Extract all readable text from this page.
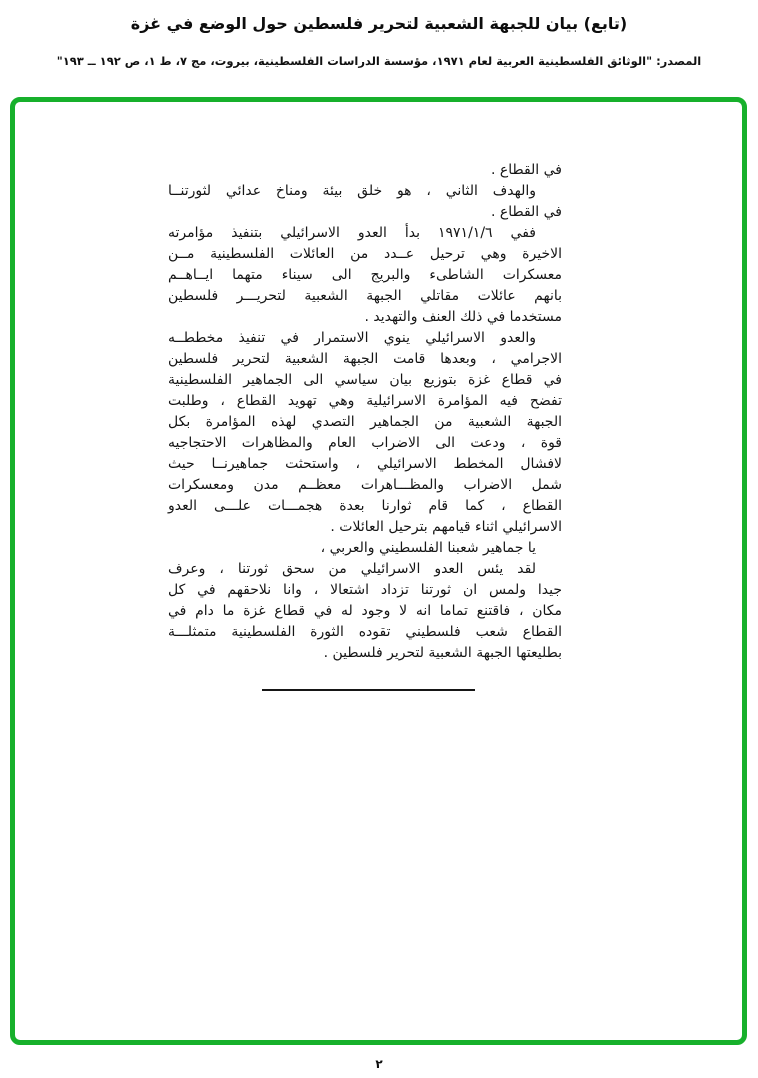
(تابع) بيان للجبهة الشعبية لتحرير فلسطين حول الوضع في غزة
المصدر: "الوثائق الفلسطينية العربية لعام ١٩٧١، مؤسسة الدراسات الفلسطينية، بيروت، مج ٧، ط ١، ص ١٩٢ ــ ١٩٣"
في القطاع .
والهدف الثاني ، هو خلق بيئة ومناخ عدائي لثورتنــا
في القطاع .
ففي ١٩٧١/١/٦ بدأ العدو الاسرائيلي بتنفيذ مؤامرته
الاخيرة وهي ترحيل عــدد من العائلات الفلسطينية مــن
معسكرات الشاطىء والبريج الى سيناء متهما ايــاهــم
بانهم عائلات مقاتلي الجبهة الشعبية لتحريـــر فلسطين
مستخدما في ذلك العنف والتهديد .
والعدو الاسرائيلي ينوي الاستمرار في تنفيذ مخططــه
الاجرامي ، وبعدها قامت الجبهة الشعبية لتحرير فلسطين
في قطاع غزة بتوزيع بيان سياسي الى الجماهير الفلسطينية
تفضح فيه المؤامرة الاسرائيلية وهي تهويد القطاع ، وطلبت
الجبهة الشعبية من الجماهير التصدي لهذه المؤامرة بكل
قوة ، ودعت الى الاضراب العام والمظاهرات الاحتجاجيه
لافشال المخطط الاسرائيلي ، واستحثت جماهيرنــا حيث
شمل الاضراب والمظـــاهرات معظــم مدن ومعسكرات
القطاع ، كما قام ثوارنا بعدة هجمـــات علـــى العدو
الاسرائيلي اثناء قيامهم بترحيل العائلات .
يا جماهير شعبنا الفلسطيني والعربي ،
لقد يئس العدو الاسرائيلي من سحق ثورتنا ، وعرف
جيدا ولمس ان ثورتنا تزداد اشتعالا ، وانا نلاحقهم في كل
مكان ، فاقتنع تماما انه لا وجود له في قطاع غزة ما دام في
القطاع شعب فلسطيني تقوده الثورة الفلسطينية متمثلـــة
بطليعتها الجبهة الشعبية لتحرير فلسطين .
٢
